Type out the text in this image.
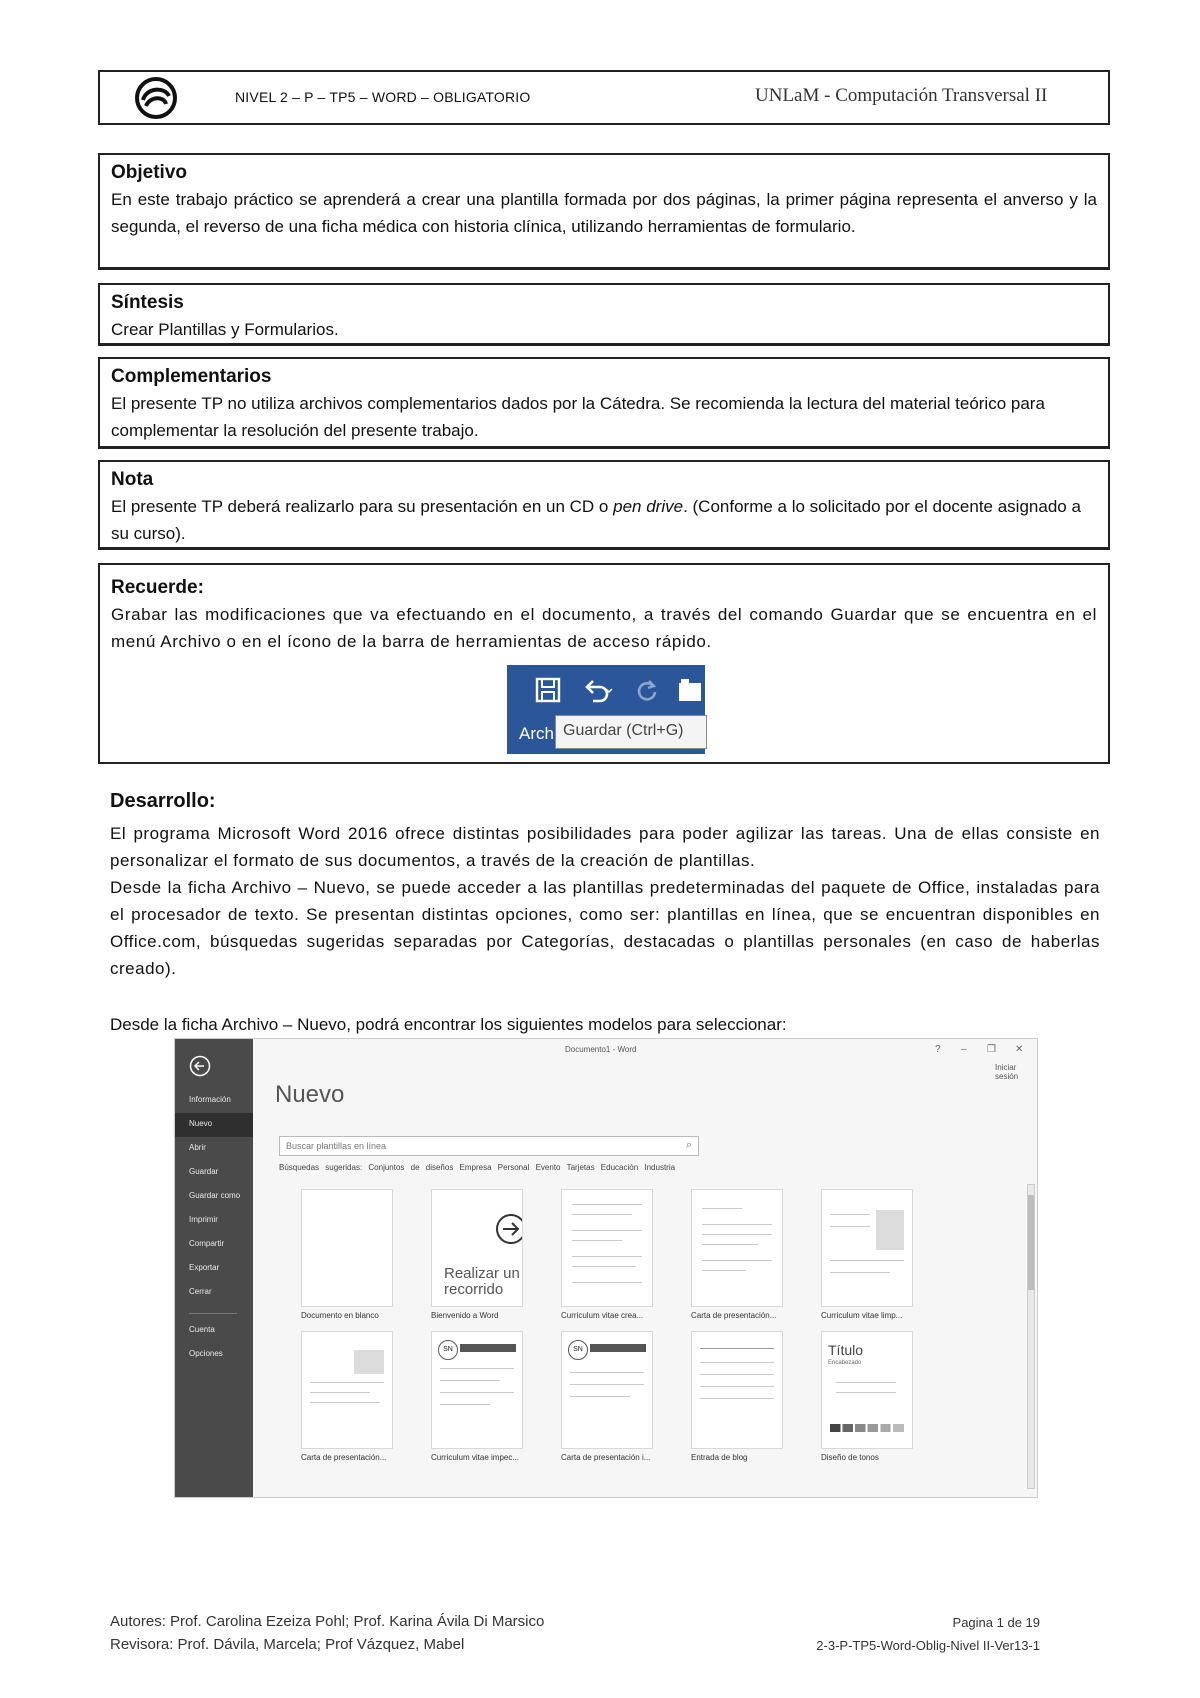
NIVEL 2 – P – TP5 – WORD – OBLIGATORIO	UNLaM - Computación Transversal II
Objetivo
En este trabajo práctico se aprenderá a crear una plantilla formada por dos páginas, la primer página representa el anverso y la segunda, el reverso de una ficha médica con historia clínica, utilizando herramientas de formulario.
Síntesis
Crear Plantillas y Formularios.
Complementarios
El presente TP no utiliza archivos complementarios dados por la Cátedra. Se recomienda la lectura del material teórico para complementar la resolución del presente trabajo.
Nota
El presente TP deberá realizarlo para su presentación en un CD o pen drive. (Conforme a lo solicitado por el docente asignado a su curso).
Recuerde:
Grabar las modificaciones que va efectuando en el documento, a través del comando Guardar que se encuentra en el menú Archivo o en el ícono de la barra de herramientas de acceso rápido.
Arch Guardar (Ctrl+G)
Desarrollo:
El programa Microsoft Word 2016 ofrece distintas posibilidades para poder agilizar las tareas. Una de ellas consiste en personalizar el formato de sus documentos, a través de la creación de plantillas.
Desde la ficha Archivo – Nuevo, se puede acceder a las plantillas predeterminadas del paquete de Office, instaladas para el procesador de texto. Se presentan distintas opciones, como ser: plantillas en línea, que se encuentran disponibles en Office.com, búsquedas sugeridas separadas por Categorías, destacadas o plantillas personales (en caso de haberlas creado).
Desde la ficha Archivo – Nuevo, podrá encontrar los siguientes modelos para seleccionar:
Información
Nuevo
Abrir
Guardar
Guardar como
Imprimir
Compartir
Exportar
Cerrar
Cuenta
Opciones
Documento1 - Word	? – ❐ ✕
Iniciar sesión
Nuevo
Buscar plantillas en línea	⌕
Búsquedas sugeridas: Conjuntos de diseños Empresa Personal Evento Tarjetas Educación Industria
Realizar un recorrido
Documento en blanco	Bienvenido a Word	Curriculum vitae crea...	Carta de presentación...	Curriculum vitae limp...
SN	SN	Título
Encabezado
Carta de presentación...	Curriculum vitae impec...	Carta de presentación i...	Entrada de blog	Diseño de tonos
Autores: Prof. Carolina Ezeiza Pohl; Prof. Karina Ávila Di Marsico
Revisora: Prof. Dávila, Marcela; Prof Vázquez, Mabel
Pagina 1 de 19
2-3-P-TP5-Word-Oblig-Nivel II-Ver13-1
